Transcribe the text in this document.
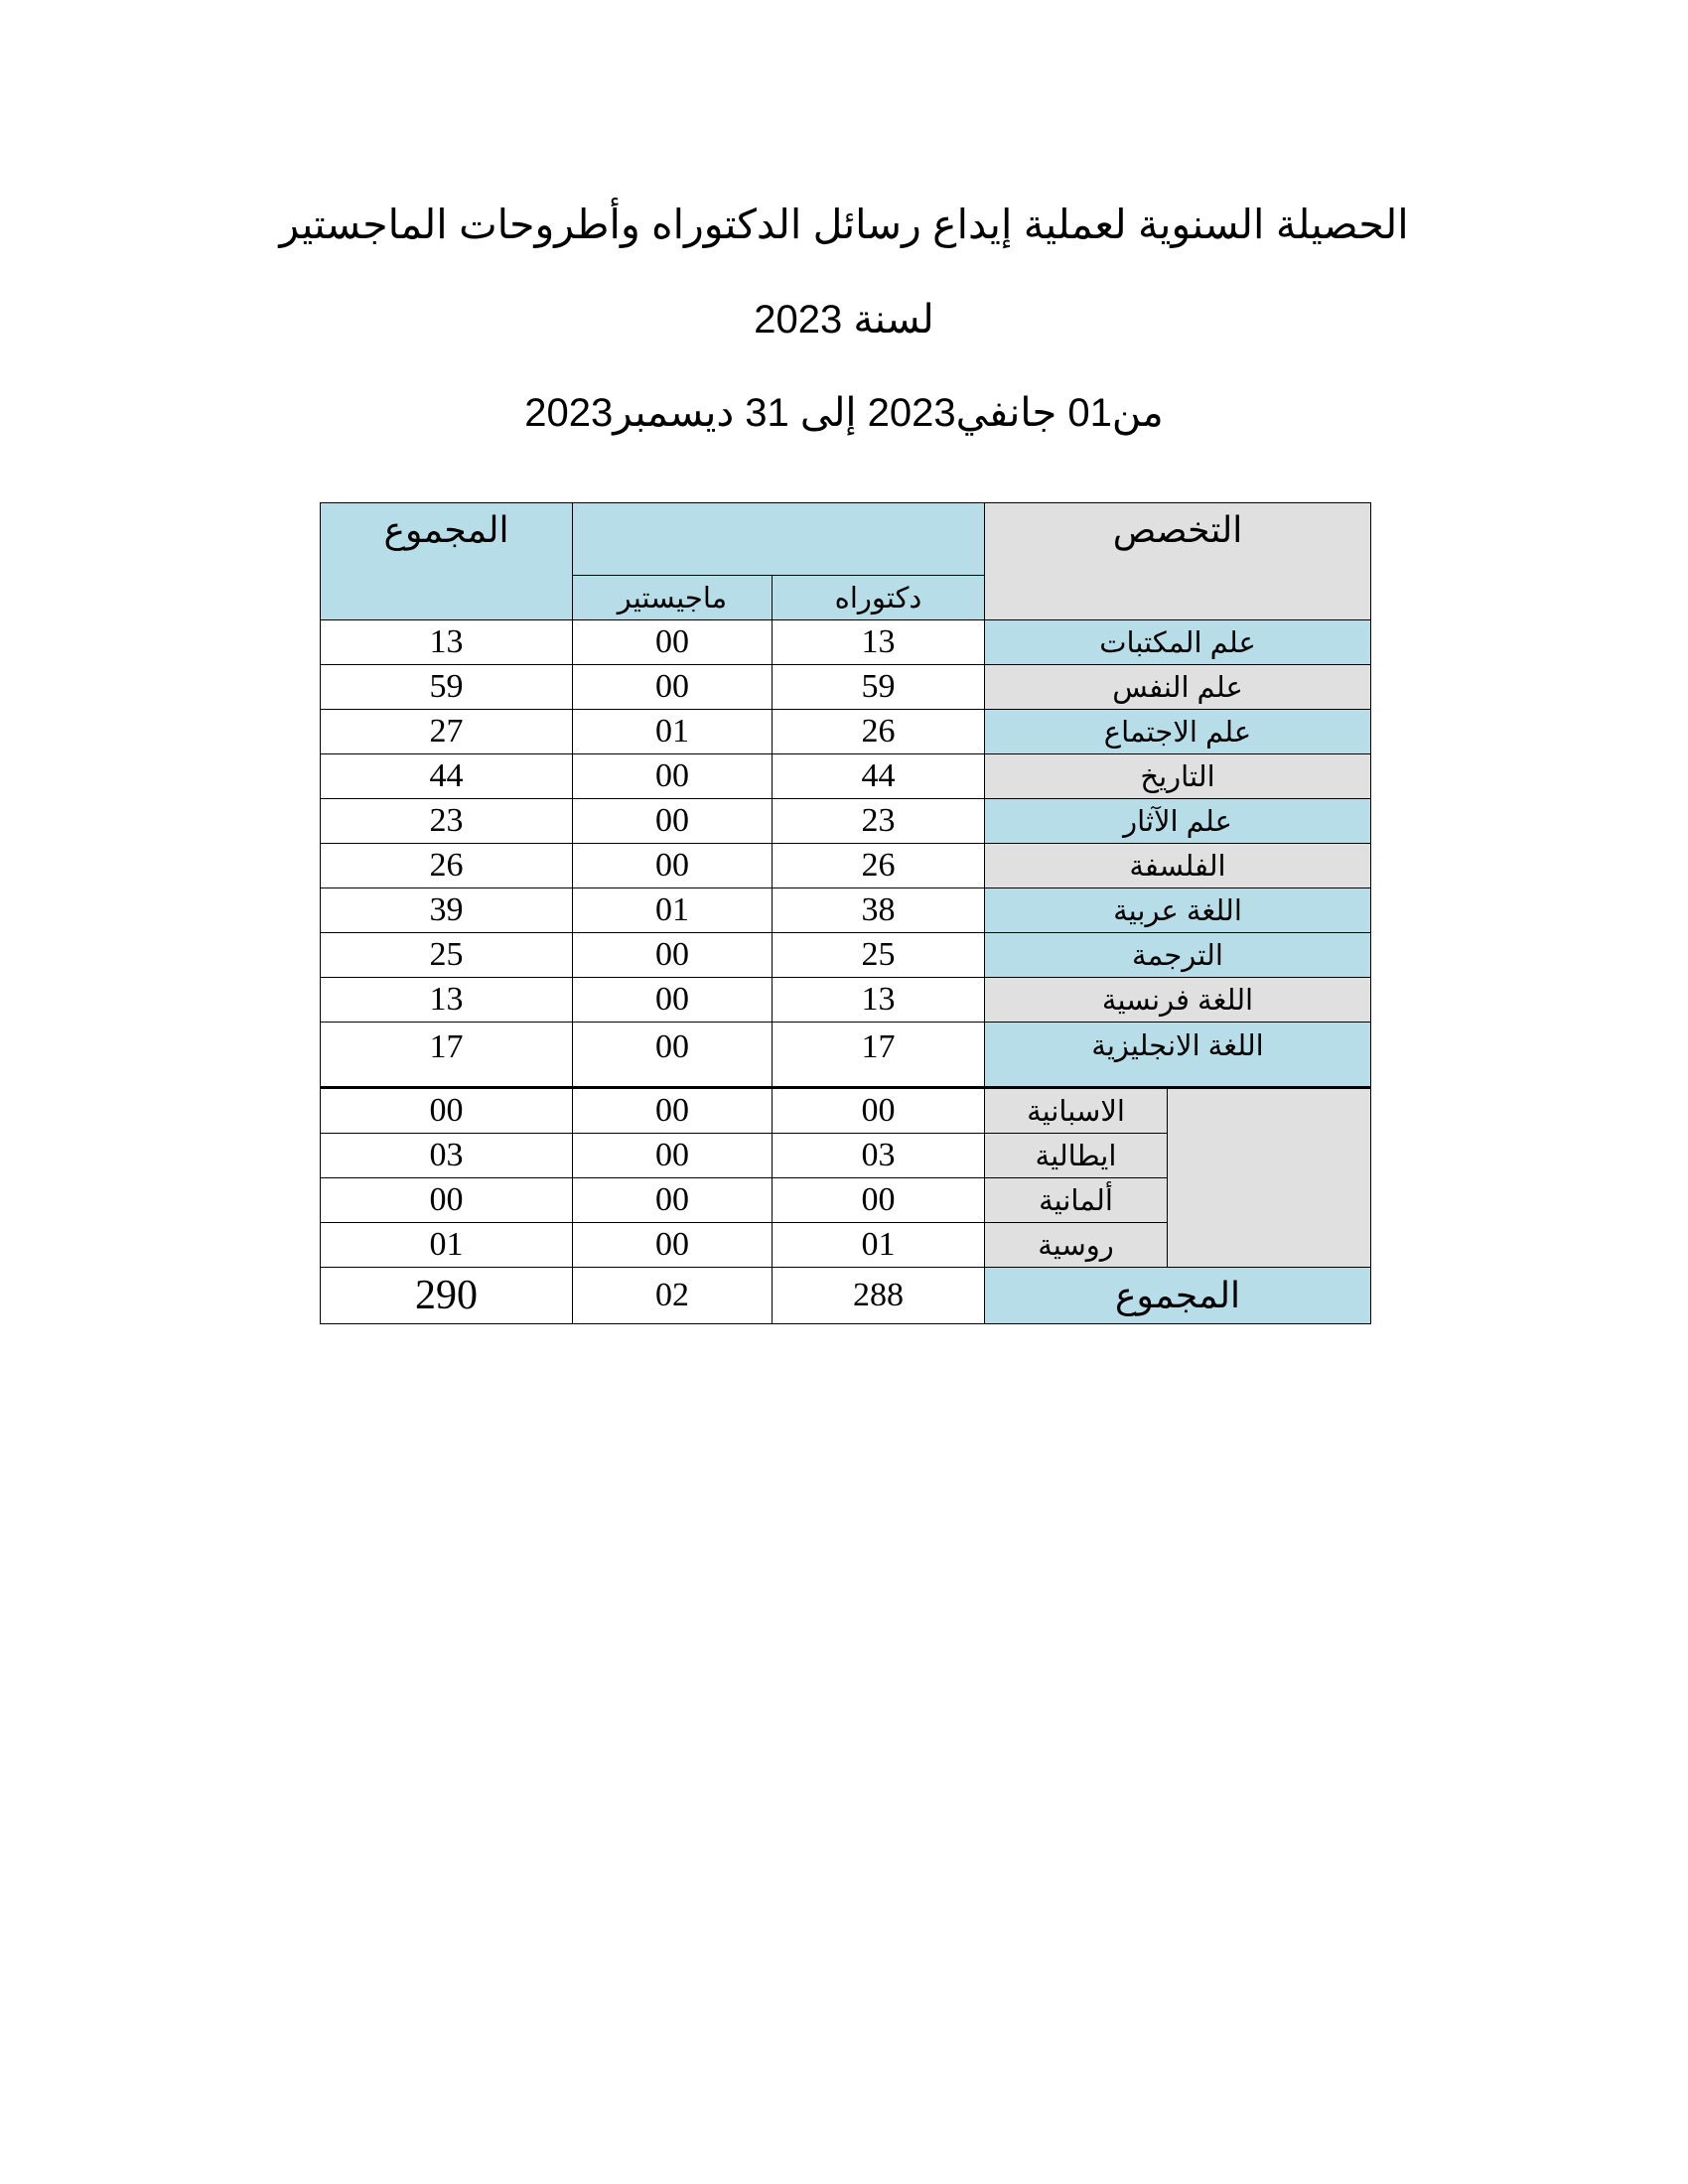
الحصيلة السنوية لعملية إيداع رسائل الدكتوراه وأطروحات الماجستير
لسنة 2023
من01 جانفي2023 إلى 31 ديسمبر2023
المجموع			التخصص	
	ماجيستير	دكتوراه		
13	00	13	علم المكتبات	
59	00	59	علم النفس	
27	01	26	علم الاجتماع	
44	00	44	التاريخ	
23	00	23	علم الآثار	
26	00	26	الفلسفة	
39	01	38	اللغة عربية	
25	00	25	الترجمة	
13	00	13	اللغة فرنسية	
17	00	17	اللغة الانجليزية	
00	00	00	الاسبانية	
03	00	03	ايطالية	
00	00	00	ألمانية	
01	00	01	روسية	
290	02	288	المجموع	
